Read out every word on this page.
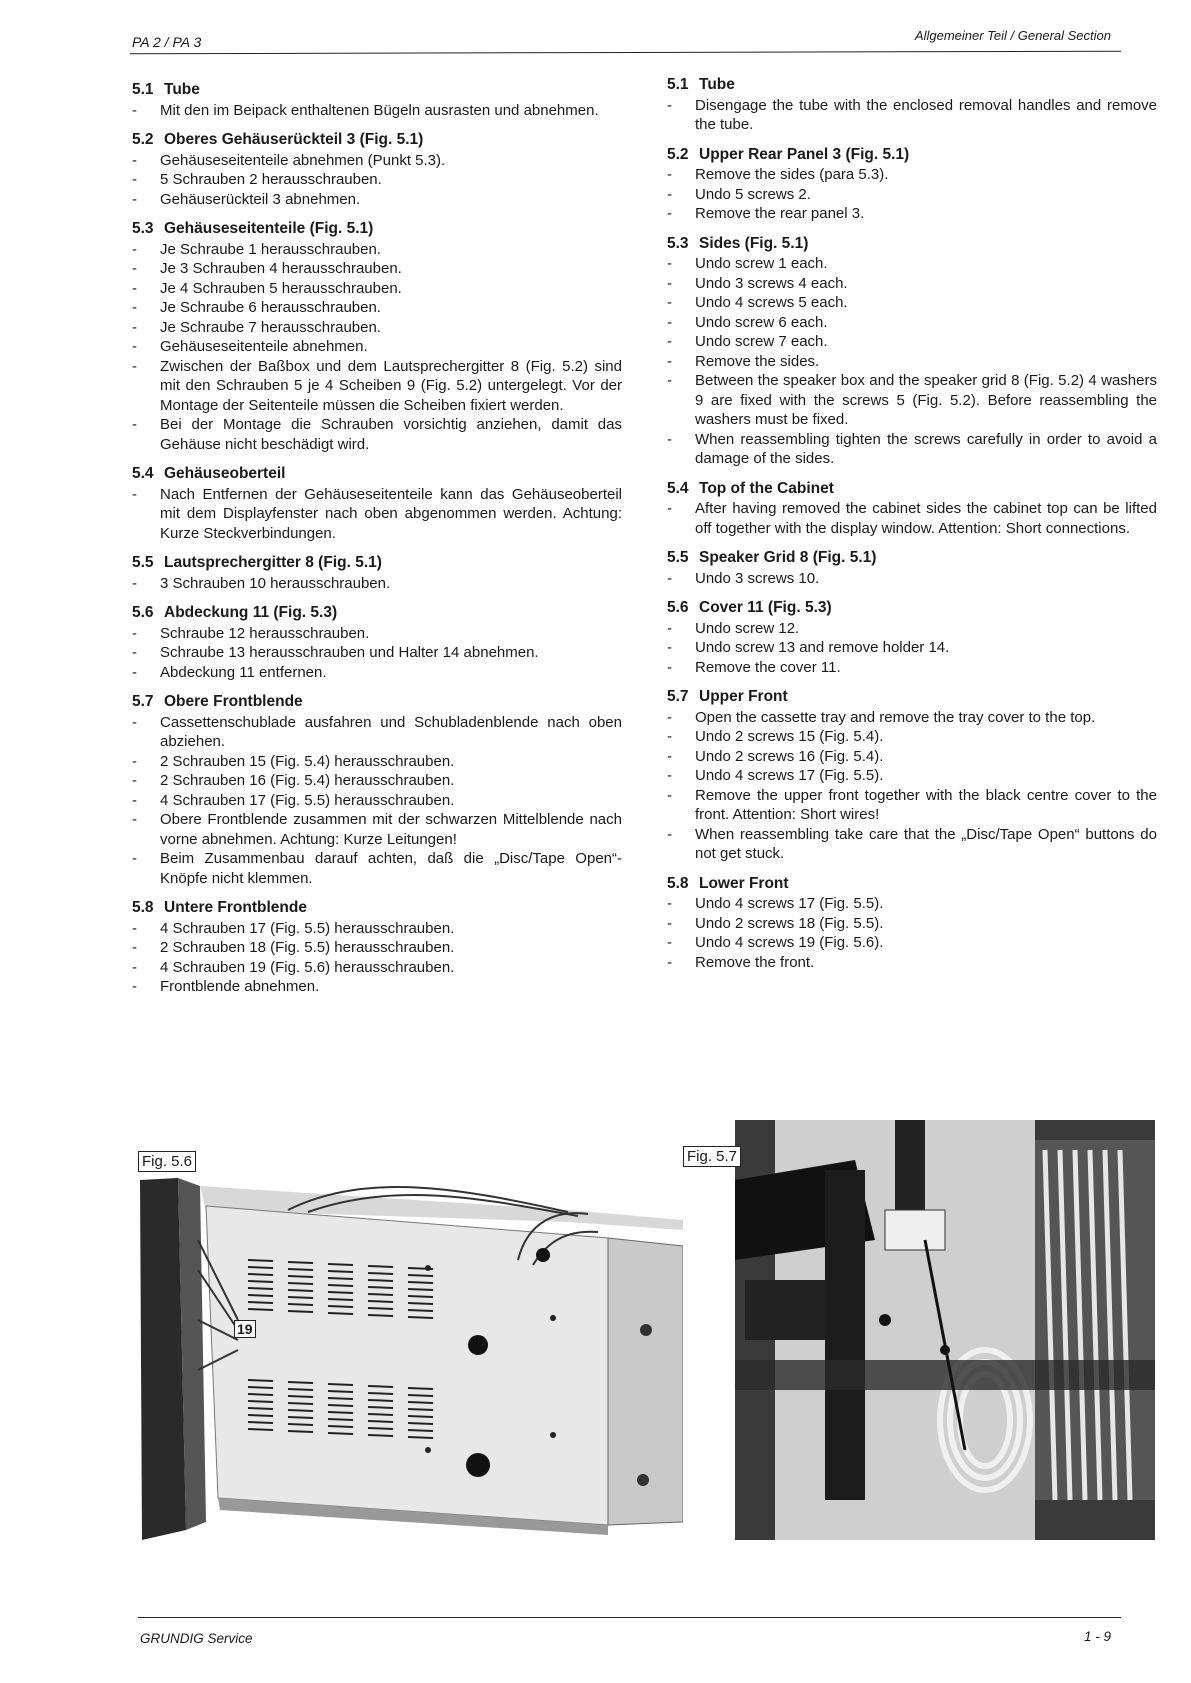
PA 2 / PA 3	Allgemeiner Teil / General Section
5.1 Tube
- Mit den im Beipack enthaltenen Bügeln ausrasten und abnehmen.
5.2 Oberes Gehäuserückteil 3 (Fig. 5.1)
- Gehäuseseitenteile abnehmen (Punkt 5.3).
- 5 Schrauben 2 herausschrauben.
- Gehäuserückteil 3 abnehmen.
5.3 Gehäuseseitenteile (Fig. 5.1)
- Je Schraube 1 herausschrauben.
- Je 3 Schrauben 4 herausschrauben.
- Je 4 Schrauben 5 herausschrauben.
- Je Schraube 6 herausschrauben.
- Je Schraube 7 herausschrauben.
- Gehäuseseitenteile abnehmen.
- Zwischen der Baßbox und dem Lautsprechergitter 8 (Fig. 5.2) sind mit den Schrauben 5 je 4 Scheiben 9 (Fig. 5.2) untergelegt. Vor der Montage der Seitenteile müssen die Scheiben fixiert werden.
- Bei der Montage die Schrauben vorsichtig anziehen, damit das Gehäuse nicht beschädigt wird.
5.4 Gehäuseoberteil
- Nach Entfernen der Gehäuseseitenteile kann das Gehäuseoberteil mit dem Displayfenster nach oben abgenommen werden. Achtung: Kurze Steckverbindungen.
5.5 Lautsprechergitter 8 (Fig. 5.1)
- 3 Schrauben 10 herausschrauben.
5.6 Abdeckung 11 (Fig. 5.3)
- Schraube 12 herausschrauben.
- Schraube 13 herausschrauben und Halter 14 abnehmen.
- Abdeckung 11 entfernen.
5.7 Obere Frontblende
- Cassettenschublade ausfahren und Schubladenblende nach oben abziehen.
- 2 Schrauben 15 (Fig. 5.4) herausschrauben.
- 2 Schrauben 16 (Fig. 5.4) herausschrauben.
- 4 Schrauben 17 (Fig. 5.5) herausschrauben.
- Obere Frontblende zusammen mit der schwarzen Mittelblende nach vorne abnehmen. Achtung: Kurze Leitungen!
- Beim Zusammenbau darauf achten, daß die „Disc/Tape Open“-Knöpfe nicht klemmen.
5.8 Untere Frontblende
- 4 Schrauben 17 (Fig. 5.5) herausschrauben.
- 2 Schrauben 18 (Fig. 5.5) herausschrauben.
- 4 Schrauben 19 (Fig. 5.6) herausschrauben.
- Frontblende abnehmen.
5.1 Tube
- Disengage the tube with the enclosed removal handles and remove the tube.
5.2 Upper Rear Panel 3 (Fig. 5.1)
- Remove the sides (para 5.3).
- Undo 5 screws 2.
- Remove the rear panel 3.
5.3 Sides (Fig. 5.1)
- Undo screw 1 each.
- Undo 3 screws 4 each.
- Undo 4 screws 5 each.
- Undo screw 6 each.
- Undo screw 7 each.
- Remove the sides.
- Between the speaker box and the speaker grid 8 (Fig. 5.2) 4 washers 9 are fixed with the screws 5 (Fig. 5.2). Before reassembling the washers must be fixed.
- When reassembling tighten the screws carefully in order to avoid a damage of the sides.
5.4 Top of the Cabinet
- After having removed the cabinet sides the cabinet top can be lifted off together with the display window. Attention: Short connections.
5.5 Speaker Grid 8 (Fig. 5.1)
- Undo 3 screws 10.
5.6 Cover 11 (Fig. 5.3)
- Undo screw 12.
- Undo screw 13 and remove holder 14.
- Remove the cover 11.
5.7 Upper Front
- Open the cassette tray and remove the tray cover to the top.
- Undo 2 screws 15 (Fig. 5.4).
- Undo 2 screws 16 (Fig. 5.4).
- Undo 4 screws 17 (Fig. 5.5).
- Remove the upper front together with the black centre cover to the front. Attention: Short wires!
- When reassembling take care that the „Disc/Tape Open“ buttons do not get stuck.
5.8 Lower Front
- Undo 4 screws 17 (Fig. 5.5).
- Undo 2 screws 18 (Fig. 5.5).
- Undo 4 screws 19 (Fig. 5.6).
- Remove the front.
Fig. 5.6
19
Fig. 5.7
GRUNDIG Service	1 - 9
